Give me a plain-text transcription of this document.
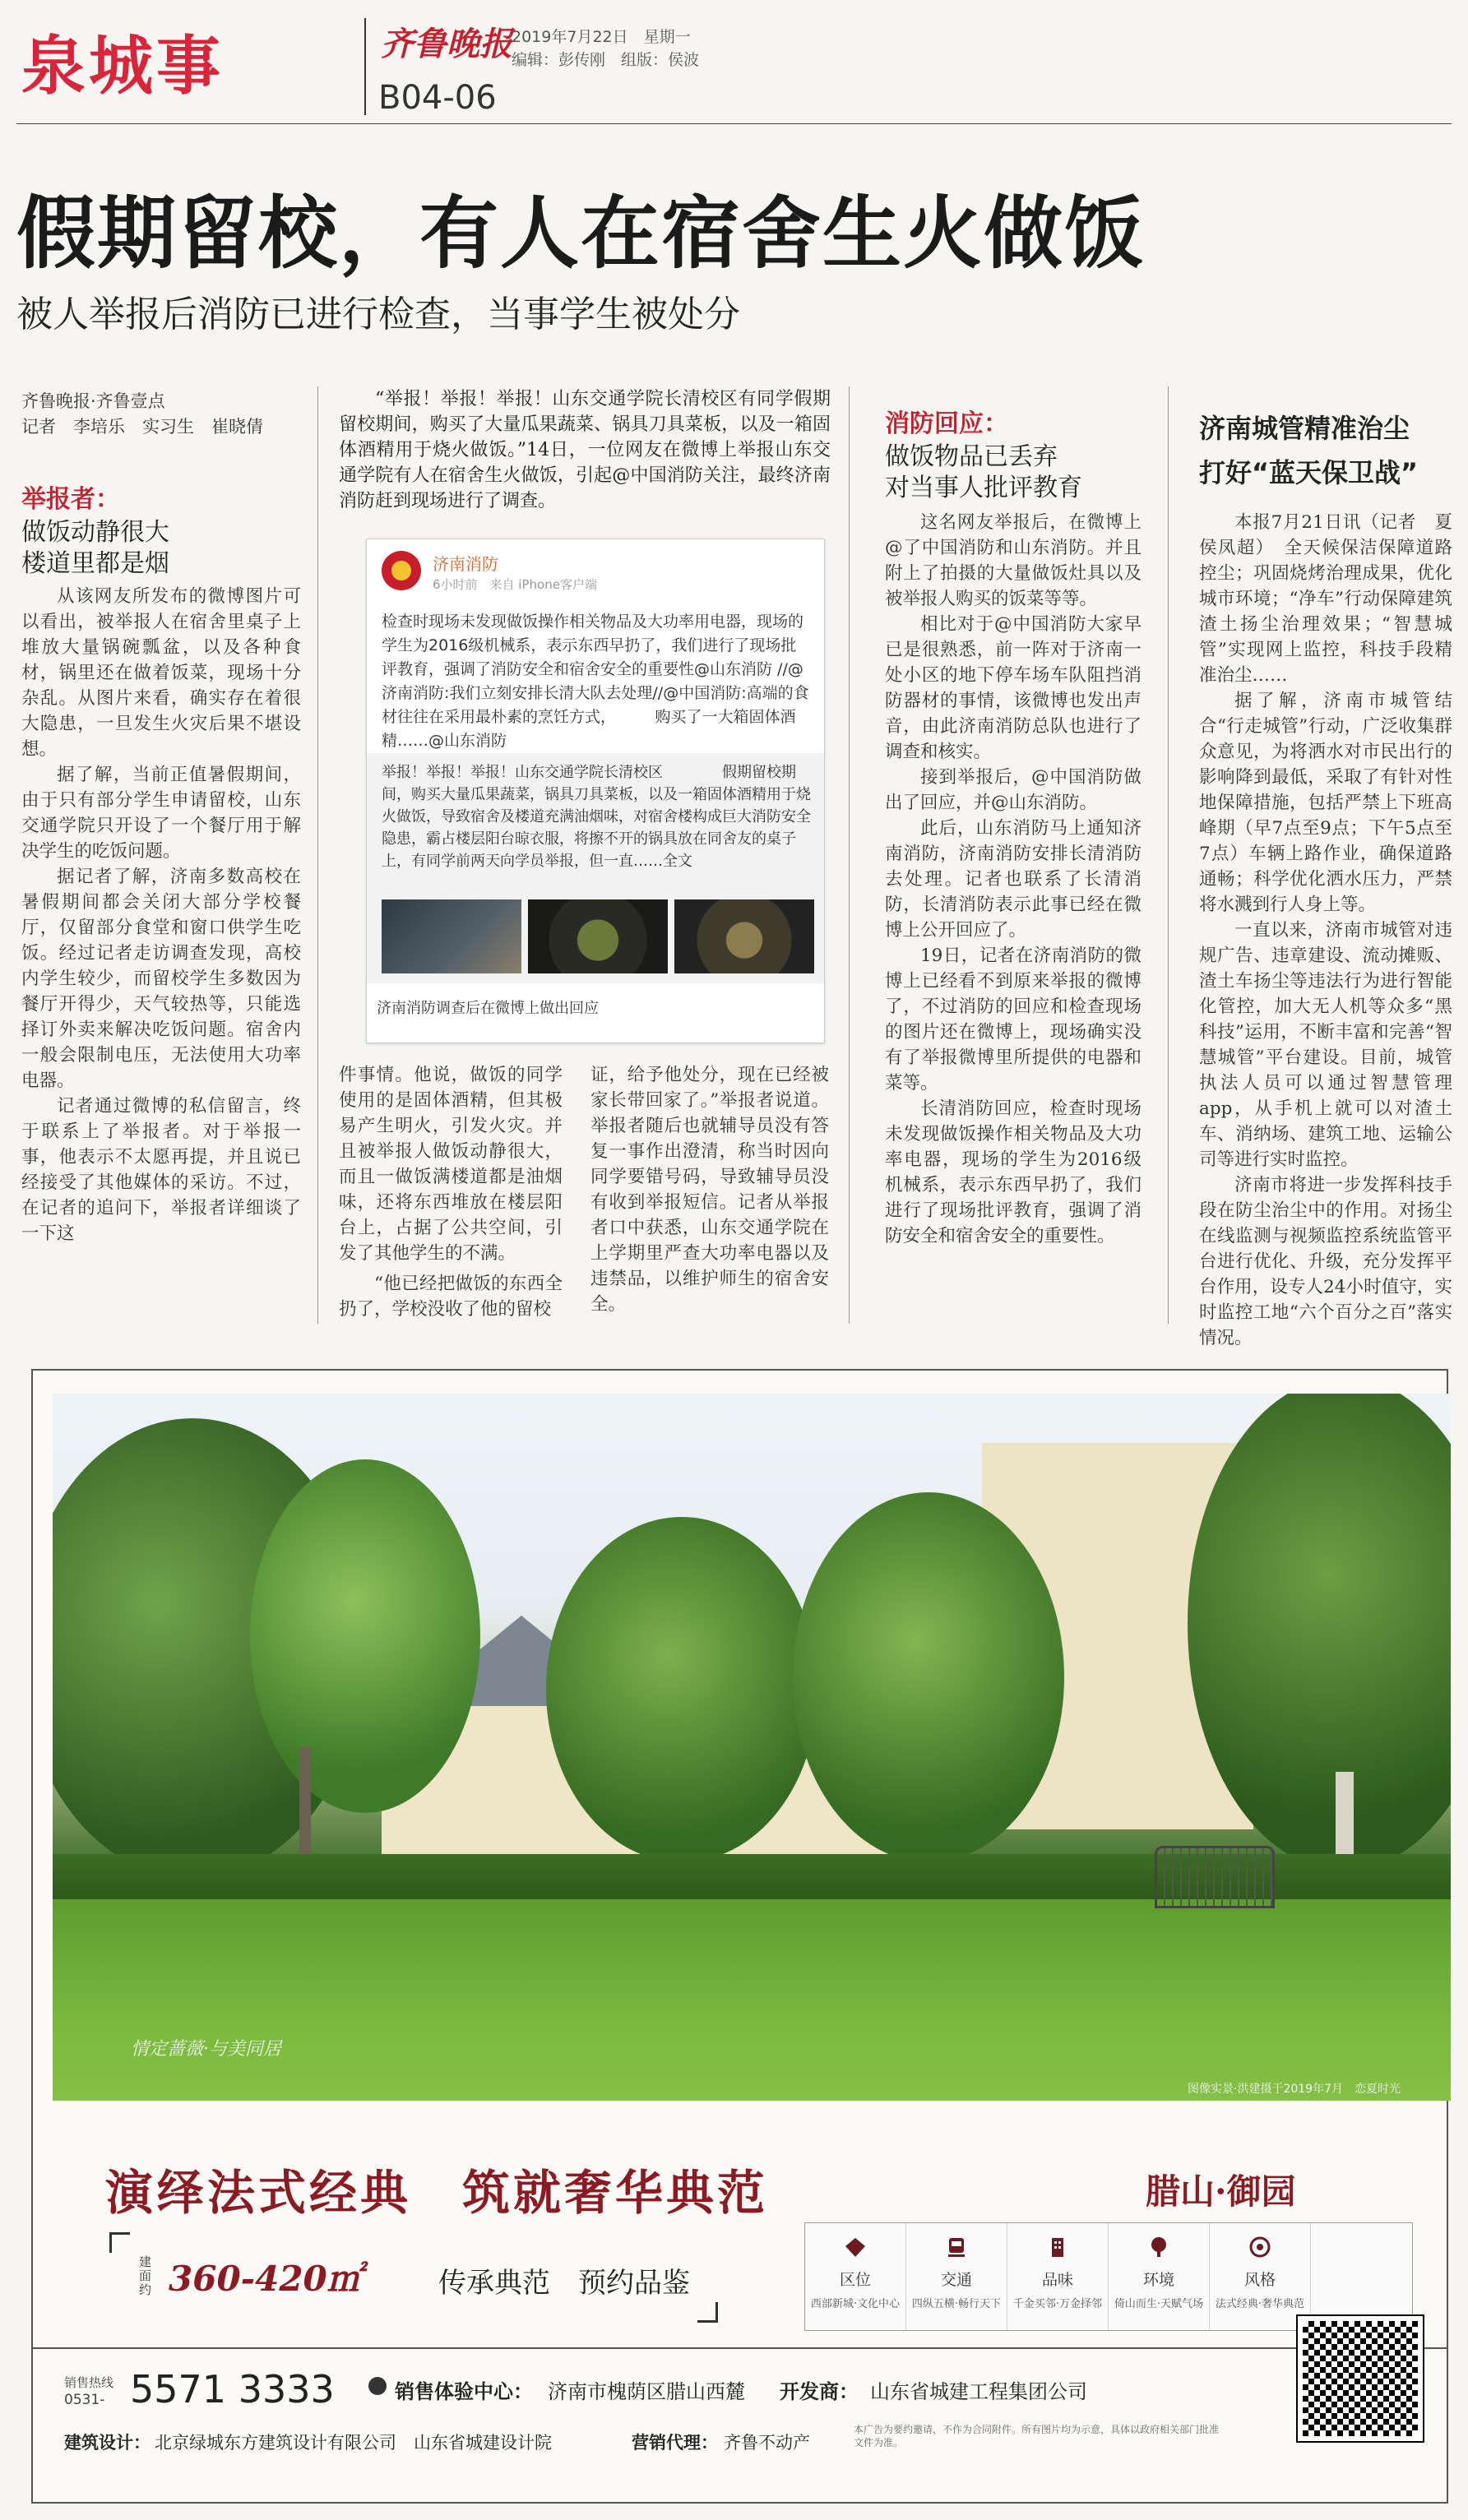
泉城事	齐鲁晚报 2019年7月22日　星期一
编辑：彭传刚　组版：侯波
B04-06
假期留校，有人在宿舍生火做饭
被人举报后消防已进行检查，当事学生被处分
齐鲁晚报·齐鲁壹点
记者　李培乐　实习生　崔晓倩
举报者：
做饭动静很大
楼道里都是烟

从该网友所发布的微博图片可以看出，被举报人在宿舍里桌子上堆放大量锅碗瓢盆，以及各种食材，锅里还在做着饭菜，现场十分杂乱。从图片来看，确实存在着很大隐患，一旦发生火灾后果不堪设想。

据了解，当前正值暑假期间，由于只有部分学生申请留校，山东交通学院只开设了一个餐厅用于解决学生的吃饭问题。

据记者了解，济南多数高校在暑假期间都会关闭大部分学校餐厅，仅留部分食堂和窗口供学生吃饭。经过记者走访调查发现，高校内学生较少，而留校学生多数因为餐厅开得少，天气较热等，只能选择订外卖来解决吃饭问题。宿舍内一般会限制电压，无法使用大功率电器。

记者通过微博的私信留言，终于联系上了举报者。对于举报一事，他表示不太愿再提，并且说已经接受了其他媒体的采访。不过，在记者的追问下，举报者详细谈了一下这

“举报！举报！举报！山东交通学院长清校区有同学假期留校期间，购买了大量瓜果蔬菜、锅具刀具菜板，以及一箱固体酒精用于烧火做饭。”14日，一位网友在微博上举报山东交通学院有人在宿舍生火做饭，引起@中国消防关注，最终济南消防赶到现场进行了调查。

济南消防
6小时前　来自 iPhone客户端
检查时现场未发现做饭操作相关物品及大功率用电器，现场的学生为2016级机械系，表示东西早扔了，我们进行了现场批评教育，强调了消防安全和宿舍安全的重要性@山东消防 //@济南消防:我们立刻安排长清大队去处理//@中国消防:高端的食材往往在采用最朴素的烹饪方式，　　　购买了一大箱固体酒精……@山东消防
举报！举报！举报！山东交通学院长清校区　　　　假期留校期间，购买大量瓜果蔬菜，锅具刀具菜板，以及一箱固体酒精用于烧火做饭，导致宿舍及楼道充满油烟味，对宿舍楼构成巨大消防安全隐患，霸占楼层阳台晾衣服，将擦不开的锅具放在同舍友的桌子上，有同学前两天向学员举报，但一直……全文
济南消防调查后在微博上做出回应

件事情。他说，做饭的同学使用的是固体酒精，但其极易产生明火，引发火灾。并且被举报人做饭动静很大，而且一做饭满楼道都是油烟味，还将东西堆放在楼层阳台上，占据了公共空间，引发了其他学生的不满。

“他已经把做饭的东西全扔了，学校没收了他的留校

证，给予他处分，现在已经被家长带回家了。”举报者说道。举报者随后也就辅导员没有答复一事作出澄清，称当时因向同学要错号码，导致辅导员没有收到举报短信。记者从举报者口中获悉，山东交通学院在上学期里严查大功率电器以及违禁品，以维护师生的宿舍安全。

消防回应：
做饭物品已丢弃
对当事人批评教育

这名网友举报后，在微博上@了中国消防和山东消防。并且附上了拍摄的大量做饭灶具以及被举报人购买的饭菜等等。

相比对于@中国消防大家早已是很熟悉，前一阵对于济南一处小区的地下停车场车队阻挡消防器材的事情，该微博也发出声音，由此济南消防总队也进行了调查和核实。

接到举报后，@中国消防做出了回应，并@山东消防。

此后，山东消防马上通知济南消防，济南消防安排长清消防去处理。记者也联系了长清消防，长清消防表示此事已经在微博上公开回应了。

19日，记者在济南消防的微博上已经看不到原来举报的微博了，不过消防的回应和检查现场的图片还在微博上，现场确实没有了举报微博里所提供的电器和菜等。

长清消防回应，检查时现场未发现做饭操作相关物品及大功率电器，现场的学生为2016级机械系，表示东西早扔了，我们进行了现场批评教育，强调了消防安全和宿舍安全的重要性。

济南城管精准治尘
打好“蓝天保卫战”

本报7月21日讯（记者　夏侯凤超）　全天候保洁保障道路控尘；巩固烧烤治理成果，优化城市环境；“净车”行动保障建筑渣土扬尘治理效果；“智慧城管”实现网上监控，科技手段精准治尘……

据了解，济南市城管结合“行走城管”行动，广泛收集群众意见，为将洒水对市民出行的影响降到最低，采取了有针对性地保障措施，包括严禁上下班高峰期（早7点至9点；下午5点至7点）车辆上路作业，确保道路通畅；科学优化洒水压力，严禁将水溅到行人身上等。

一直以来，济南市城管对违规广告、违章建设、流动摊贩、渣土车扬尘等违法行为进行智能化管控，加大无人机等众多“黑科技”运用，不断丰富和完善“智慧城管”平台建设。目前，城管执法人员可以通过智慧管理app，从手机上就可以对渣土车、消纳场、建筑工地、运输公司等进行实时监控。

济南市将进一步发挥科技手段在防尘治尘中的作用。对扬尘在线监测与视频监控系统监管平台进行优化、升级，充分发挥平台作用，设专人24小时值守，实时监控工地“六个百分之百”落实情况。

情定蔷薇·与美同居
图像实景·洪建摄于2019年7月　恋夏时光
演绎法式经典　筑就奢华典范	腊山·御园
建面约 360-420㎡	传承典范　预约品鉴	区位
西部新城·文化中心
交通
四纵五横·畅行天下
品味
千金买邻·万金择邻
环境
倚山而生·天赋气场
风格
法式经典·奢华典范
销售热线
0531- 5571 3333	销售体验中心： 济南市槐荫区腊山西麓 开发商： 山东省城建工程集团公司
建筑设计： 北京绿城东方建筑设计有限公司　山东省城建设计院	营销代理： 齐鲁不动产
本广告为要约邀请，不作为合同附件。所有图片均为示意，具体以政府相关部门批准文件为准。
